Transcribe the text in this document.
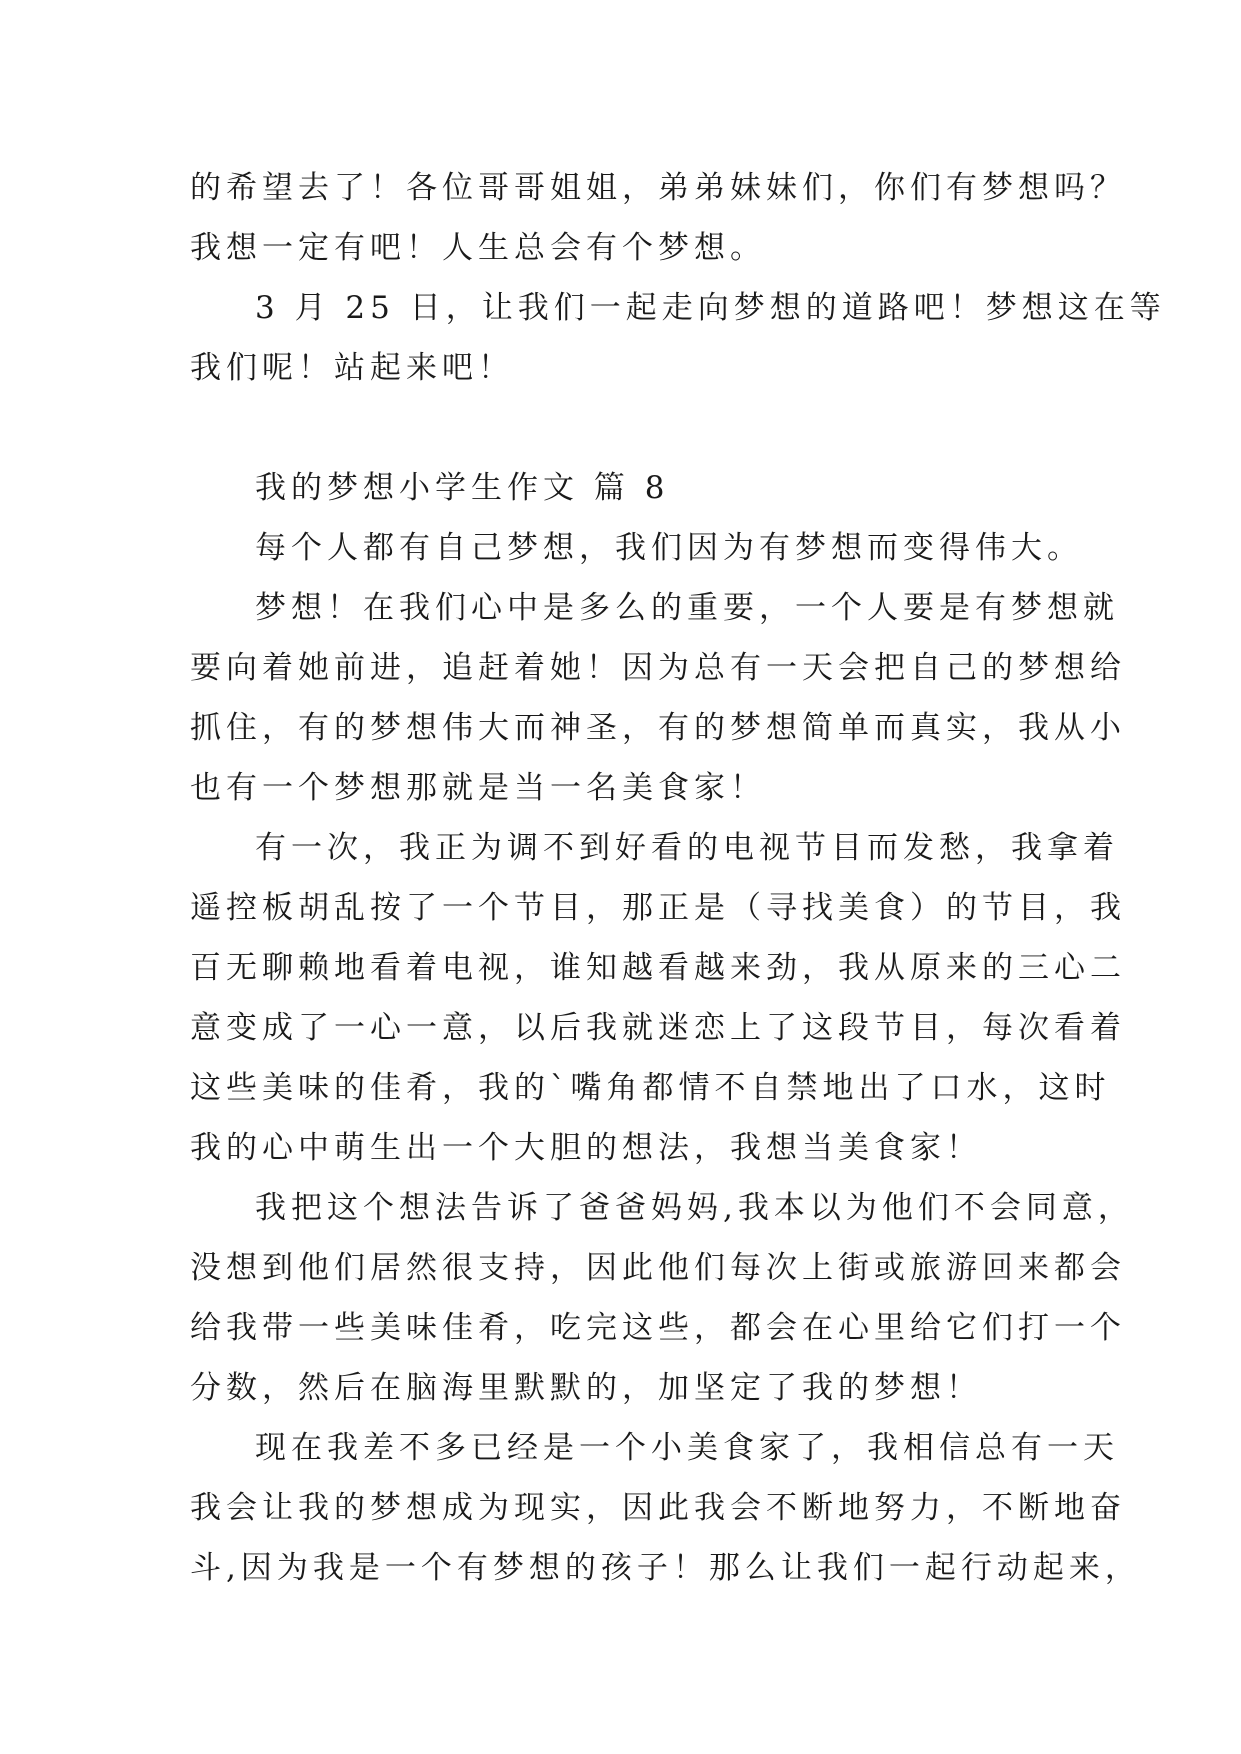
的希望去了！各位哥哥姐姐，弟弟妹妹们，你们有梦想吗？
我想一定有吧！人生总会有个梦想。
3 月 25 日，让我们一起走向梦想的道路吧！梦想这在等
我们呢！站起来吧！
我的梦想小学生作文 篇 8
每个人都有自己梦想，我们因为有梦想而变得伟大。
梦想！在我们心中是多么的重要，一个人要是有梦想就
要向着她前进，追赶着她！因为总有一天会把自己的梦想给
抓住，有的梦想伟大而神圣，有的梦想简单而真实，我从小
也有一个梦想那就是当一名美食家！
有一次，我正为调不到好看的电视节目而发愁，我拿着
遥控板胡乱按了一个节目，那正是（寻找美食）的节目，我
百无聊赖地看着电视，谁知越看越来劲，我从原来的三心二
意变成了一心一意，以后我就迷恋上了这段节目，每次看着
这些美味的佳肴，我的`嘴角都情不自禁地出了口水，这时
我的心中萌生出一个大胆的想法，我想当美食家！
我把这个想法告诉了爸爸妈妈,我本以为他们不会同意，
没想到他们居然很支持，因此他们每次上街或旅游回来都会
给我带一些美味佳肴，吃完这些，都会在心里给它们打一个
分数，然后在脑海里默默的，加坚定了我的梦想！
现在我差不多已经是一个小美食家了，我相信总有一天
我会让我的梦想成为现实，因此我会不断地努力，不断地奋
斗,因为我是一个有梦想的孩子！那么让我们一起行动起来，
